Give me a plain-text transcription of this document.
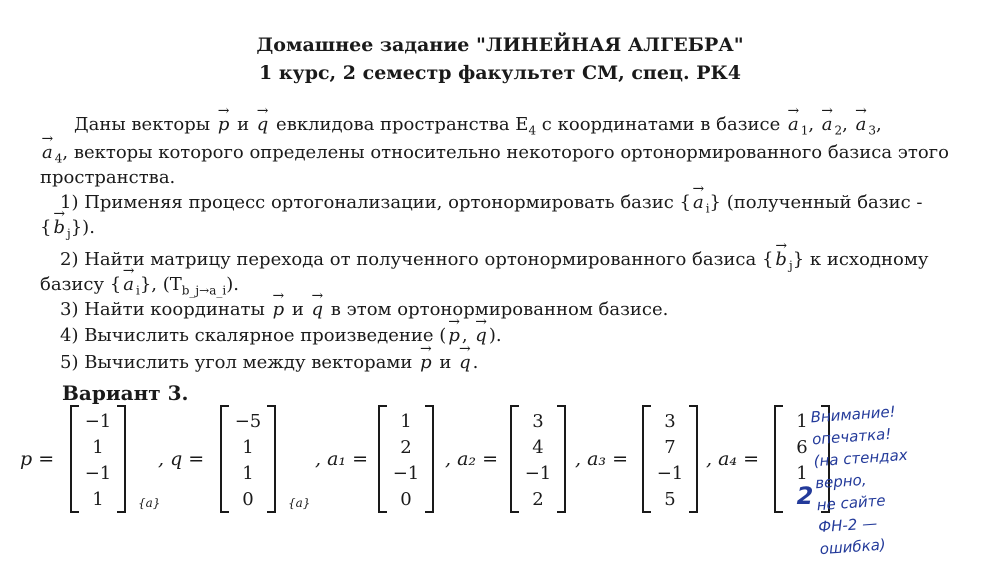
Домашнее задание "ЛИНЕЙНАЯ АЛГЕБРА"
1 курс, 2 семестр факультет СМ, спец. РК4
Даны векторы → p и → q евклидова пространства $E_4$ с координатами в базисе → a $_1$, → a $_2$, → a $_3$,
→ a $_4$, векторы которого определены относительно некоторого ортонормированного базиса этого
пространства.
1) Применяя процесс ортогонализации, ортонормировать базис { → a $_i$} (полученный базис -
{ → b $_j$}).
2) Найти матрицу перехода от полученного ортонормированного базиса { → b $_j$} к исходному
базису { → a $_i$}, $(T_{b\_j\to a\_i})$.
3) Найти координаты → p и → q в этом ортонормированном базисе.
4) Вычислить скалярное произведение ( → p , → q ).
5) Вычислить угол между векторами → p и → q .
Вариант 3.
p =
−1
1
−1
1	{a}
, q =
−5
1
1
0	{a}
, a₁ =
1
2
−1
0
, a₂ =
3
4
−1
2
, a₃ =
3
7
−1
5
, a₄ =
1
6
1
2
Внимание!
опечатка!
(на стендах
верно,
не сайте
ФН-2 —
ошибка)
